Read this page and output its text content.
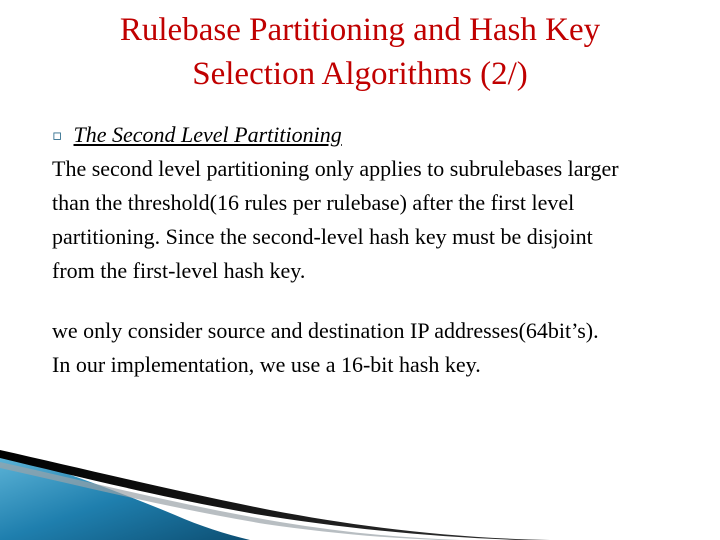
Rulebase Partitioning and Hash Key
Selection Algorithms (2/)
▫ The Second Level Partitioning

The second level partitioning only applies to subrulebases larger
than the threshold(16 rules per rulebase) after the first level
partitioning. Since the second-level hash key must be disjoint
from the first-level hash key.

we only consider source and destination IP addresses(64bit’s).
In our implementation, we use a 16-bit hash key.
